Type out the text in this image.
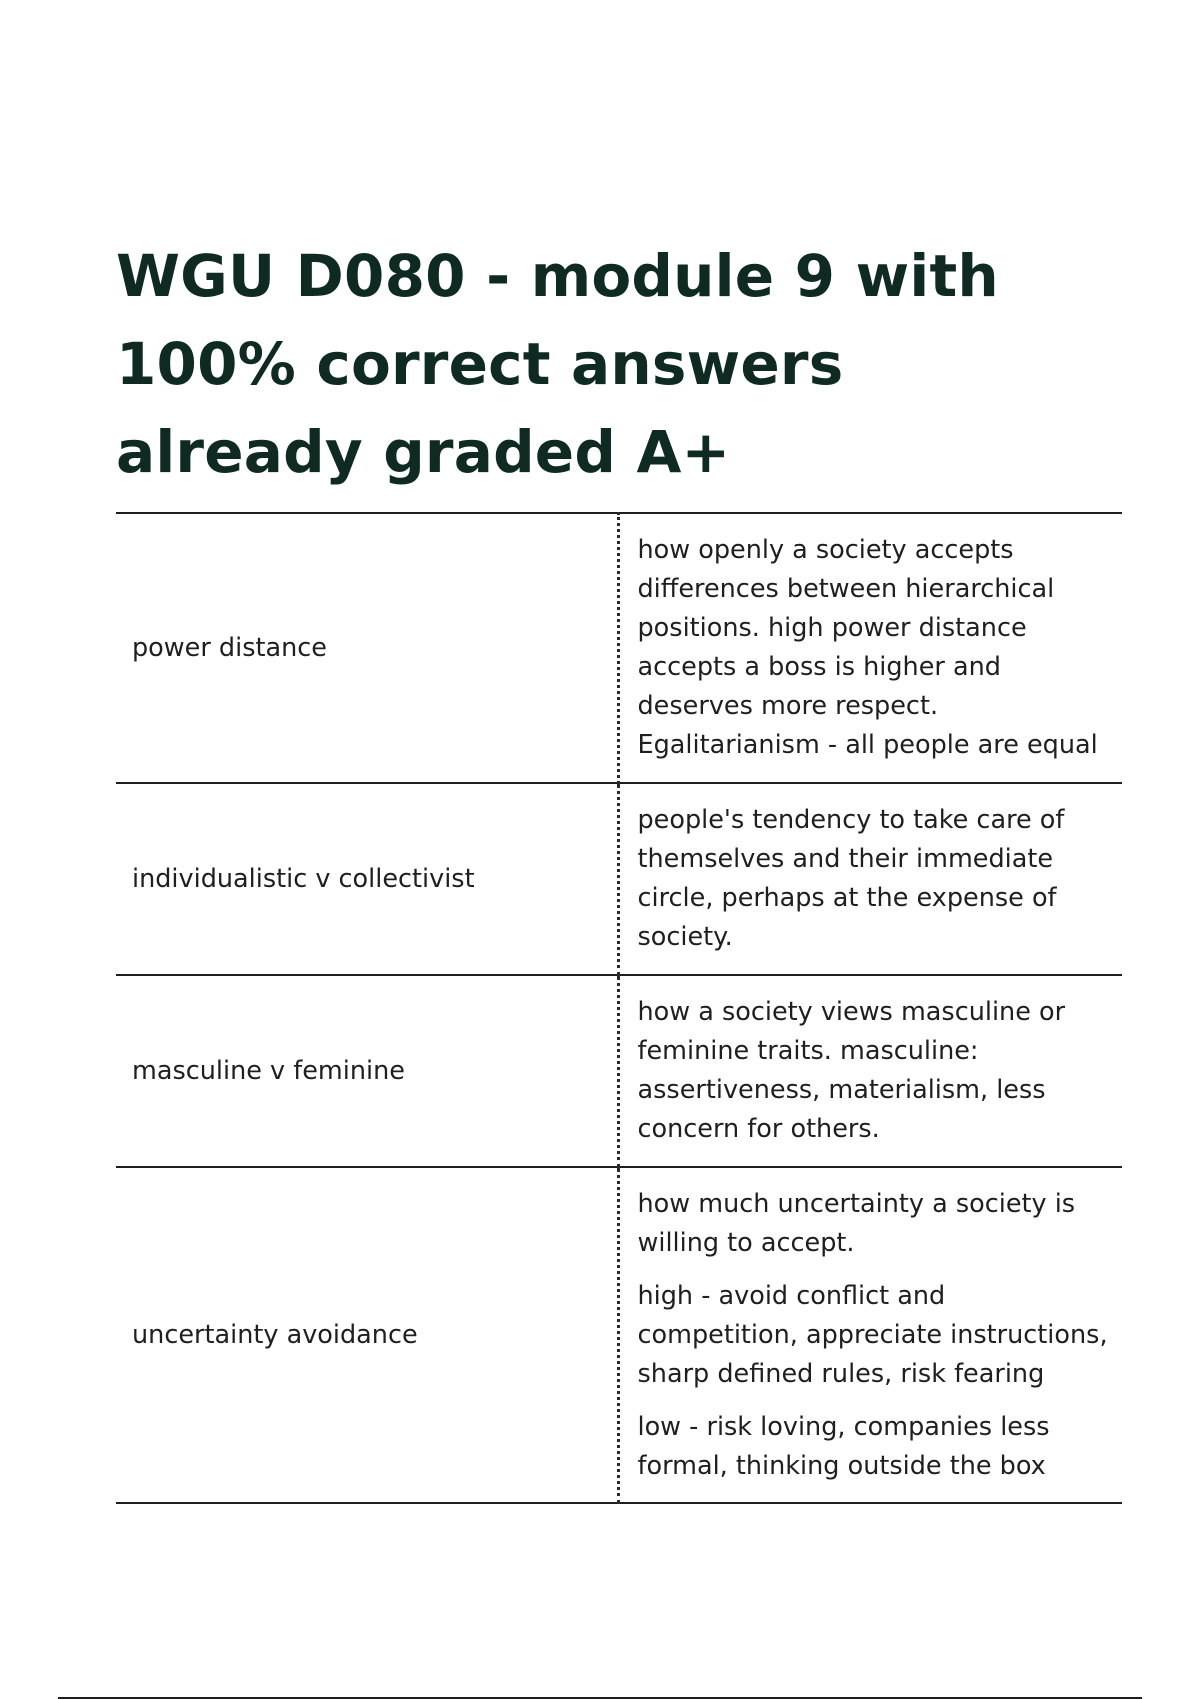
WGU D080 - module 9 with 100% correct answers already graded A+
power distance	how openly a society accepts differences between hierarchical positions. high power distance accepts a boss is higher and deserves more respect. Egalitarianism - all people are equal

individualistic v collectivist	people's tendency to take care of themselves and their immediate circle, perhaps at the expense of society.

masculine v feminine	how a society views masculine or feminine traits. masculine: assertiveness, materialism, less concern for others.

uncertainty avoidance	how much uncertainty a society is willing to accept.

high - avoid conflict and competition, appreciate instructions, sharp defined rules, risk fearing

low - risk loving, companies less formal, thinking outside the box
